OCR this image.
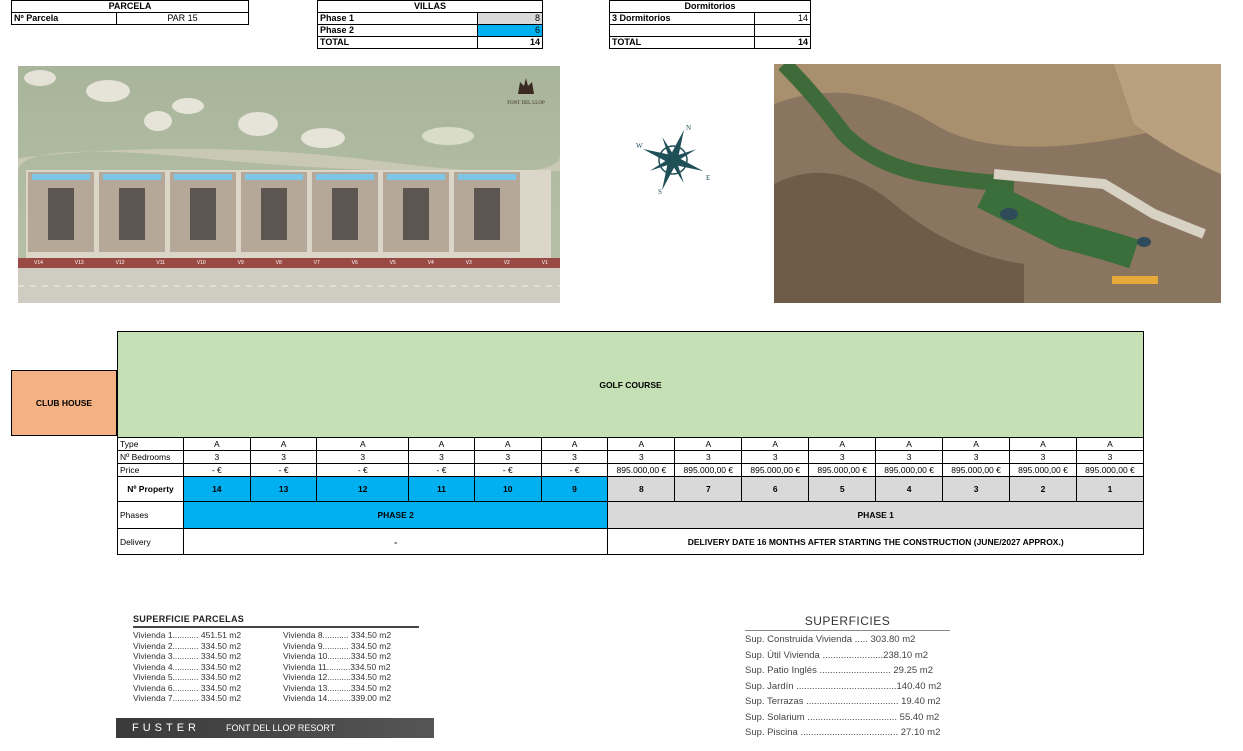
PARCELA
Nº Parcela	PAR 15
VILLAS	
Phase 1	8
Phase 2	6
TOTAL	14
Dormitorios	
3 Dormitorios	14

TOTAL	14
FONT DEL LLOP
V14	V13	V12	V11	V10	V9	V8	V7	V6	V5	V4	V3	V2	V1
N
S
E
W
CLUB HOUSE
GOLF COURSE
Type	A	A	A	A	A	A	A	A	A	A	A	A	A	A
Nº Bedrooms	3	3	3	3	3	3	3	3	3	3	3	3	3	3
Price	- €	- €	- €	- €	- €	- €	895.000,00 €	895.000,00 €	895.000,00 €	895.000,00 €	895.000,00 €	895.000,00 €	895.000,00 €	895.000,00 €
Nº Property	14	13	12	11	10	9	8	7	6	5	4	3	2	1
Phases	PHASE 2						PHASE 1							
Delivery	-						DELIVERY DATE 16 MONTHS AFTER STARTING THE CONSTRUCTION (JUNE/2027 APPROX.)							
SUPERFICIE PARCELAS
Vivienda 1........... 451.51 m2
Vivienda 2........... 334.50 m2
Vivienda 3........... 334.50 m2
Vivienda 4........... 334.50 m2
Vivienda 5........... 334.50 m2
Vivienda 6........... 334.50 m2
Vivienda 7........... 334.50 m2
Vivienda 8........... 334.50 m2
Vivienda 9........... 334.50 m2
Vivienda 10..........334.50 m2
Vivienda 11..........334.50 m2
Vivienda 12..........334.50 m2
Vivienda 13..........334.50 m2
Vivienda 14..........339.00 m2
FUSTER	FONT DEL LLOP RESORT
SUPERFICIES
Sup. Construida Vivienda ..... 303.80 m2
Sup. Útil Vivienda .......................238.10 m2
Sup. Patio Inglés ........................... 29.25 m2
Sup. Jardín ......................................140.40 m2
Sup. Terrazas ................................... 19.40 m2
Sup. Solarium .................................. 55.40 m2
Sup. Piscina ..................................... 27.10 m2
